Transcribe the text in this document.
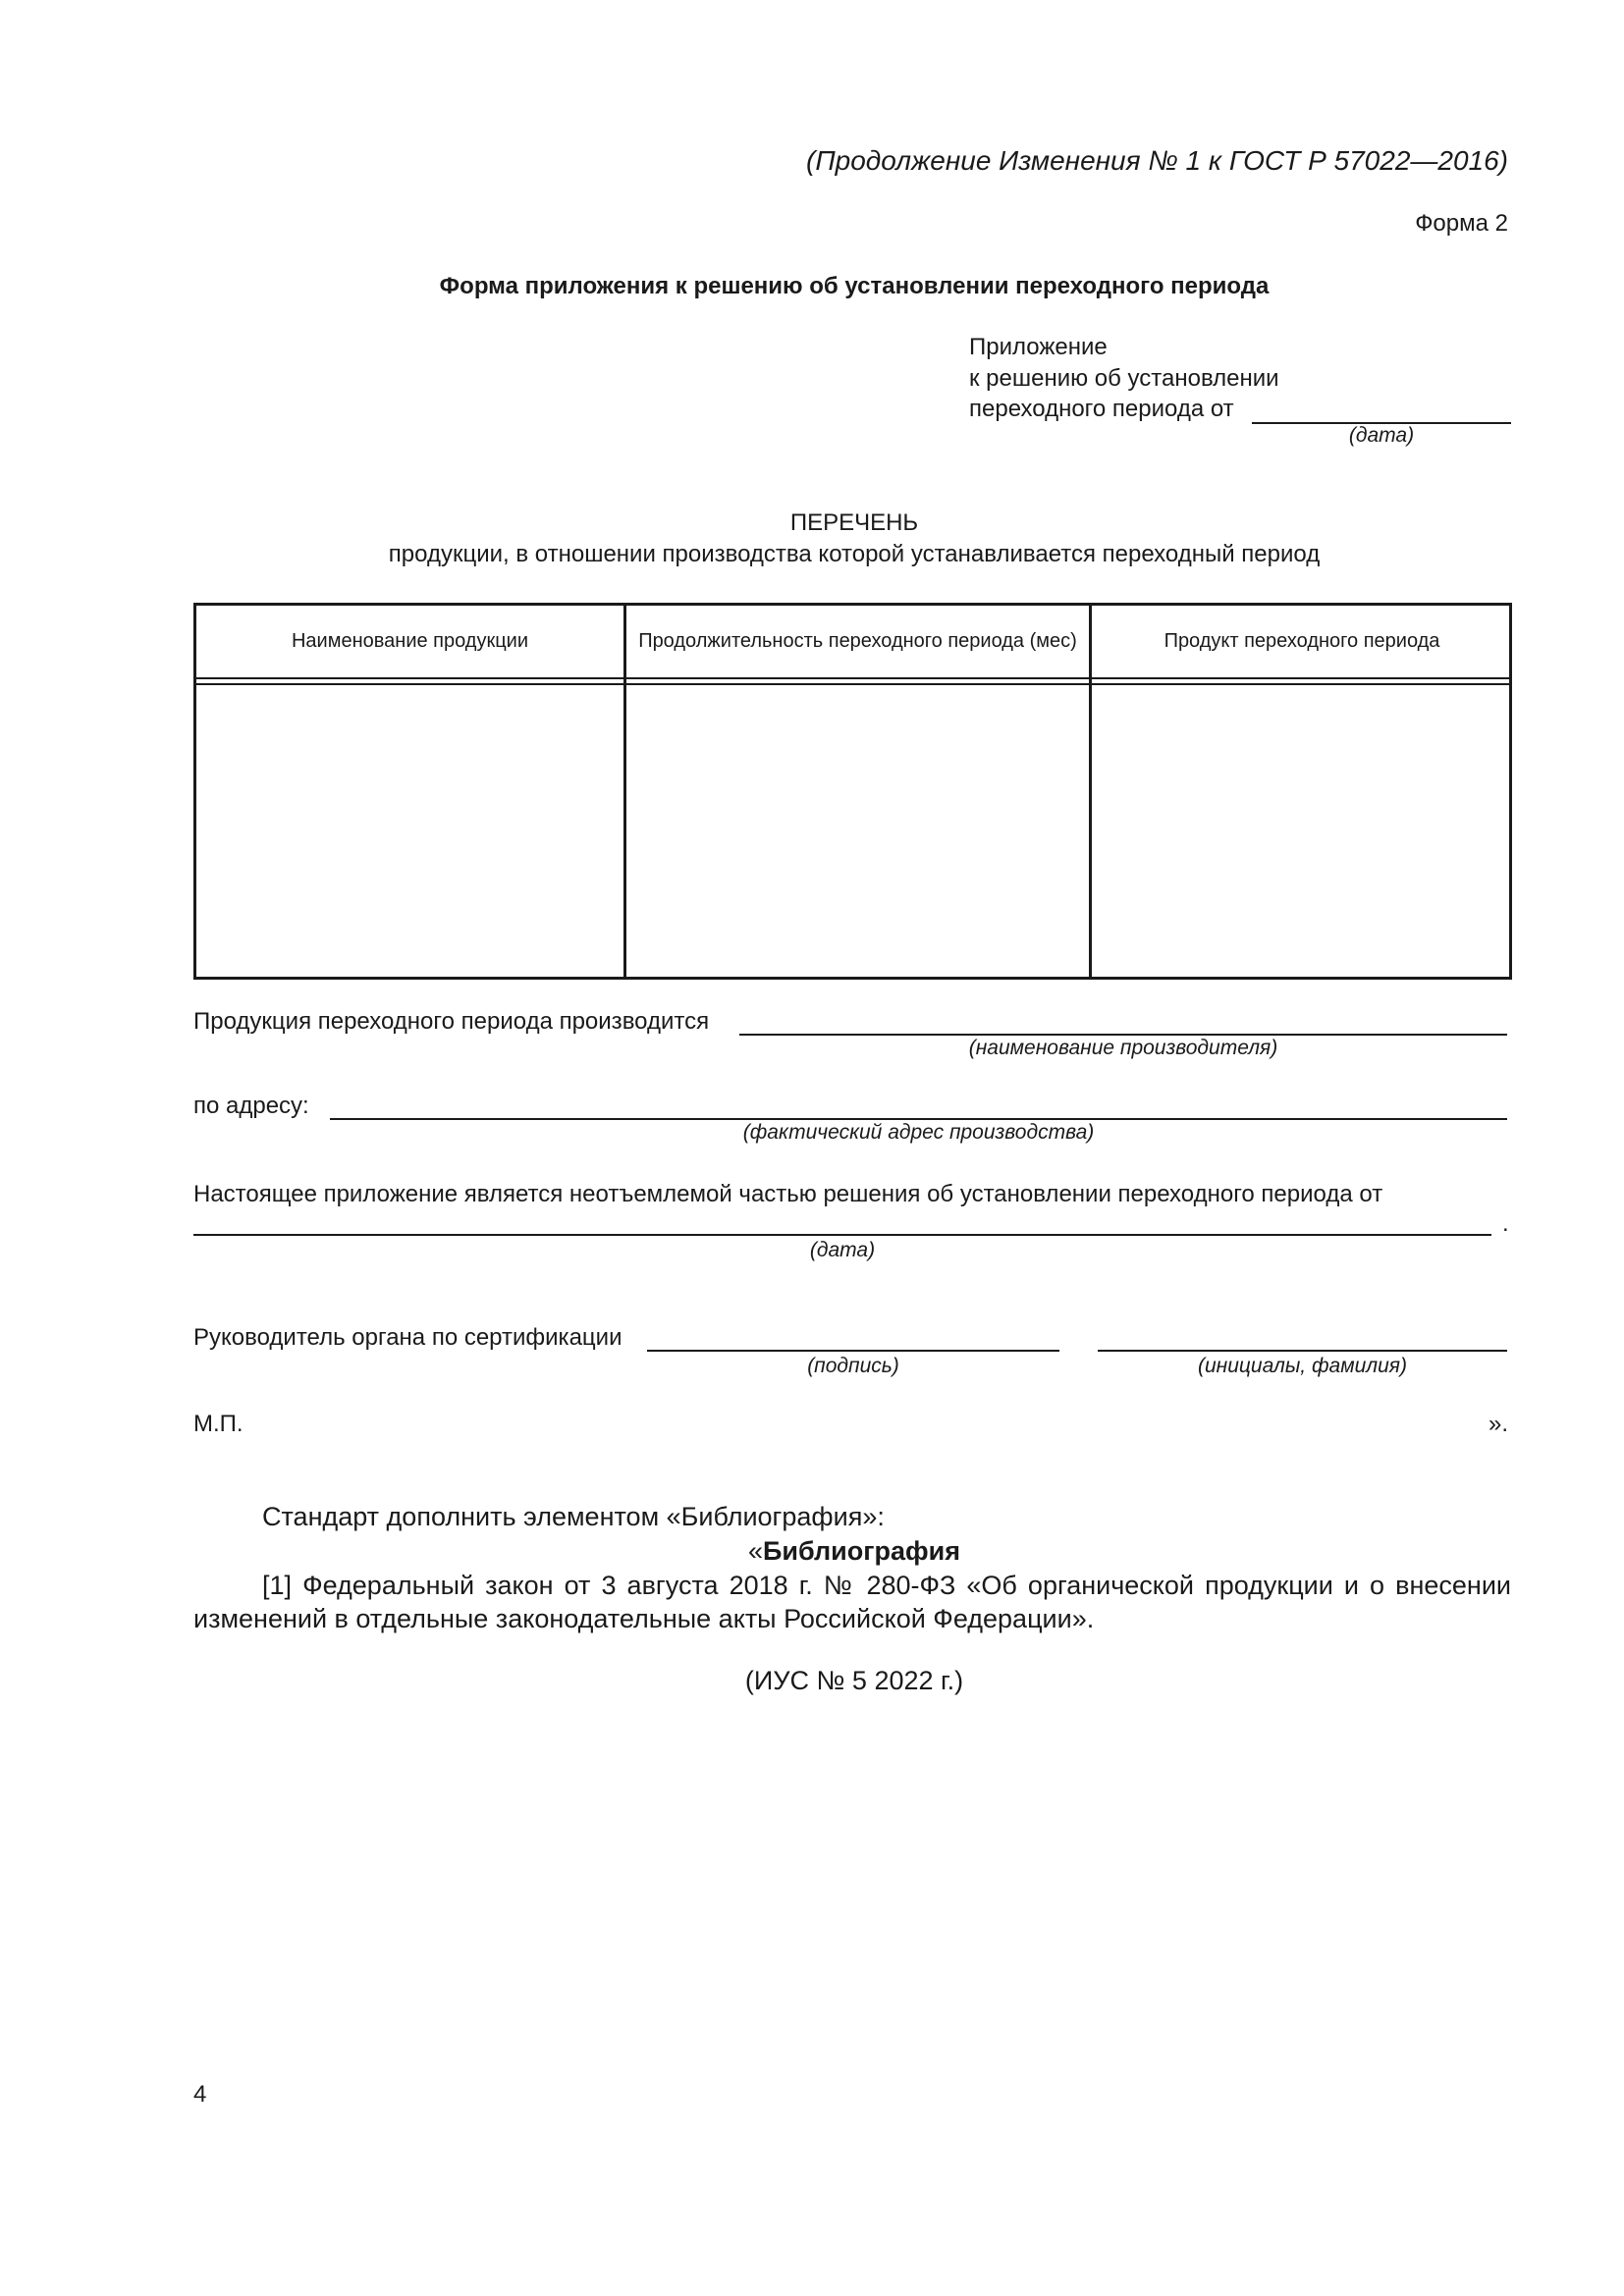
(Продолжение Изменения № 1 к ГОСТ Р 57022—2016)
Форма 2
Форма приложения к решению об установлении переходного периода
Приложение
к решению об установлении
переходного периода от
(дата)
ПЕРЕЧЕНЬ
продукции, в отношении производства которой устанавливается переходный период
Наименование продукции	Продолжительность переходного периода (мес)	Продукт переходного периода
Продукция переходного периода производится
(наименование производителя)
по адресу:
(фактический адрес производства)
Настоящее приложение является неотъемлемой частью решения об установлении переходного периода от
.
(дата)
Руководитель органа по сертификации
(подпись)	(инициалы, фамилия)
М.П.	».
Стандарт дополнить элементом «Библиография»:
«Библиография

[1] Федеральный закон от 3 августа 2018 г. № 280-ФЗ «Об органической продукции и о внесении изменений в отдельные законодательные акты Российской Федерации».

(ИУС № 5 2022 г.)
4
